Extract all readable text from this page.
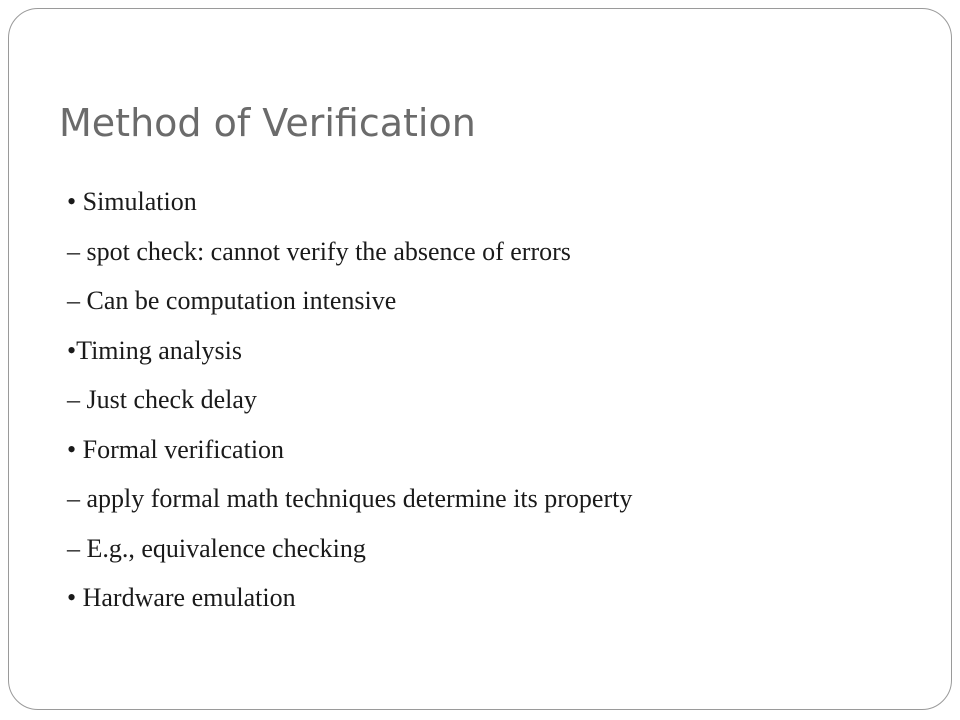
Method of Verification
• Simulation
– spot check: cannot verify the absence of errors
– Can be computation intensive
•Timing analysis
– Just check delay
• Formal verification
– apply formal math techniques determine its property
– E.g., equivalence checking
• Hardware emulation
